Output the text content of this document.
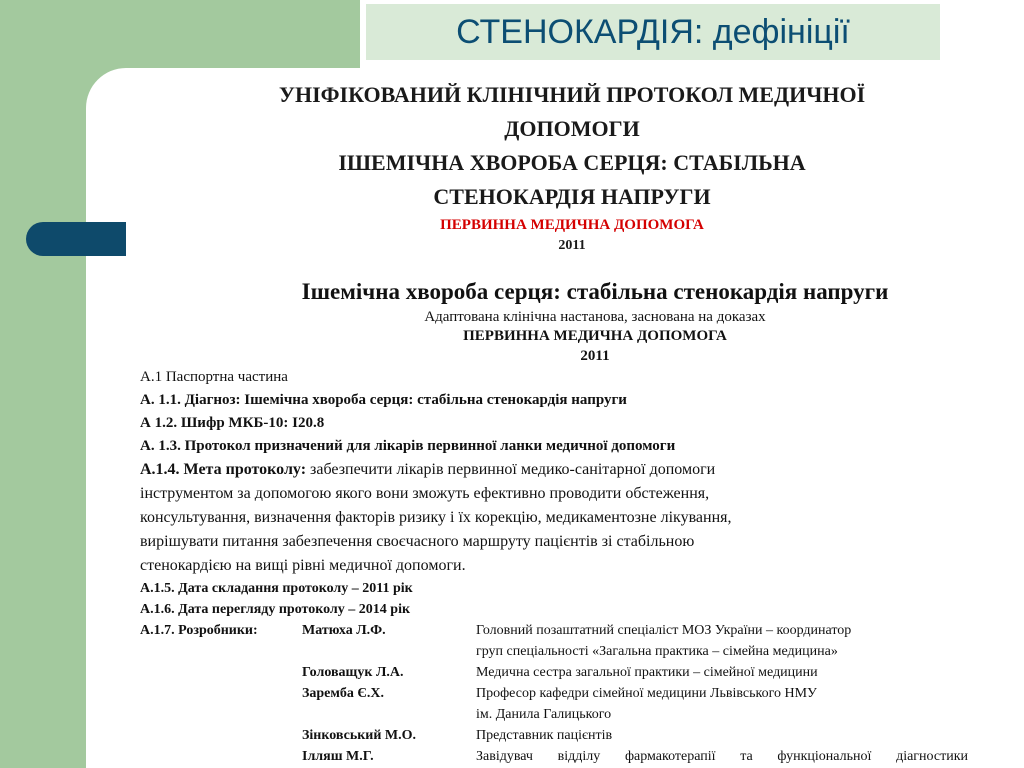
СТЕНОКАРДІЯ: дефініції
УНІФІКОВАНИЙ КЛІНІЧНИЙ ПРОТОКОЛ МЕДИЧНОЇ
ДОПОМОГИ
ІШЕМІЧНА ХВОРОБА СЕРЦЯ: СТАБІЛЬНА
СТЕНОКАРДІЯ НАПРУГИ
ПЕРВИННА МЕДИЧНА ДОПОМОГА
2011
Ішемічна хвороба серця: стабільна стенокардія напруги
Адаптована клінічна настанова, заснована на доказах
ПЕРВИННА МЕДИЧНА ДОПОМОГА
2011
А.1 Паспортна частина
А. 1.1. Діагноз: Ішемічна хвороба серця: стабільна стенокардія напруги
А 1.2. Шифр МКБ-10: І20.8
А. 1.3. Протокол призначений для лікарів первинної ланки медичної допомоги
А.1.4. Мета протоколу: забезпечити лікарів первинної медико-санітарної допомоги
інструментом за допомогою якого вони зможуть ефективно проводити обстеження,
консультування, визначення факторів ризику і їх корекцію, медикаментозне лікування,
вирішувати питання забезпечення своєчасного маршруту пацієнтів зі стабільною
стенокардією на вищі рівні медичної допомоги.
А.1.5. Дата складання протоколу – 2011 рік
А.1.6. Дата перегляду протоколу – 2014 рік
А.1.7. Розробники:	Матюха Л.Ф.	Головний позаштатний спеціаліст МОЗ України – координатор
груп спеціальності «Загальна практика – сімейна медицина»
Головащук Л.А.	Медична сестра загальної практики – сімейної медицини
Заремба Є.Х.	Професор кафедри сімейної медицини Львівського НМУ
ім. Данила Галицького
Зінковський М.О.	Представник пацієнтів
Ілляш М.Г.	Завідувач відділу фармакотерапії та функціональної діагностики
